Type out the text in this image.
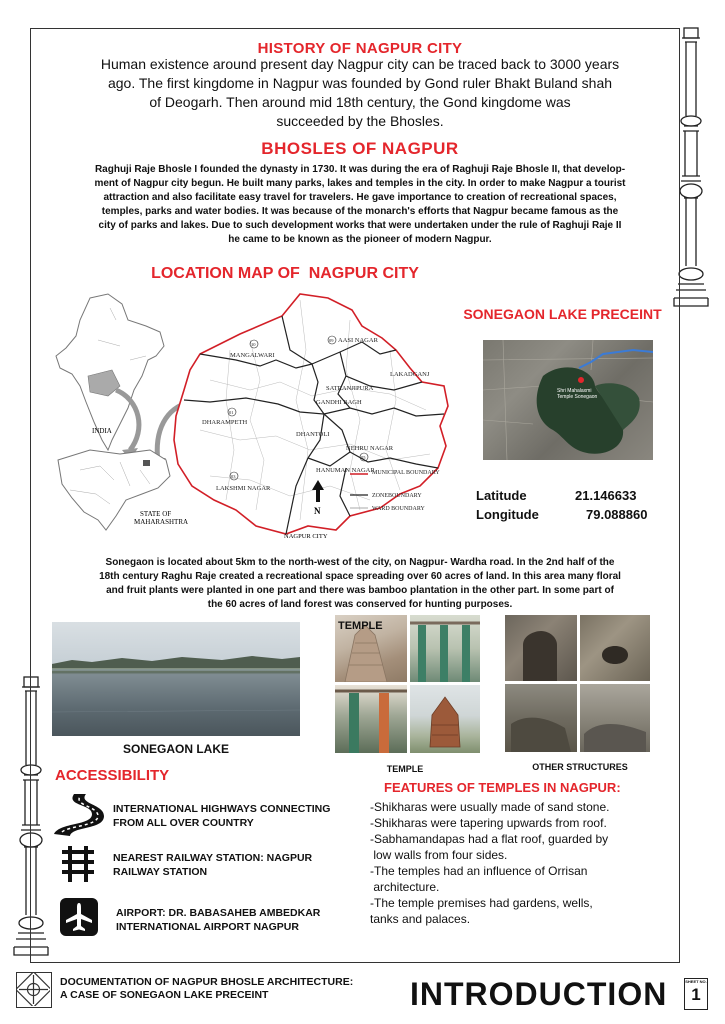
HISTORY OF NAGPUR CITY
Human existence around present day Nagpur city can be traced back to 3000 years
ago. The first kingdome in Nagpur was founded by Gond ruler Bhakt Buland shah
of Deogarh. Then around mid 18th century, the Gond kingdome was
succeeded by the Bhosles.
BHOSLES OF NAGPUR
Raghuji Raje Bhosle I founded the dynasty in 1730. It was during the era of Raghuji Raje Bhosle II, that develop-
ment of Nagpur city begun. He built many parks, lakes and temples in the city. In order to make Nagpur a tourist
attraction and also facilitate easy travel for travelers. He gave importance to creation of recreational spaces,
temples, parks and water bodies. It was because of the monarch's efforts that Nagpur became famous as the
city of parks and lakes. Due to such development works that were undertaken under the rule of Raghuji Raje II
he came to be known as the pioneer of modern Nagpur.
LOCATION MAP OF  NAGPUR CITY
INDIA
STATE OF
MAHARASHTRA
10
MANGALWARI
09 AASI NAGAR
LAKADGANJ
SATRANJIPURA
GANDHI BAGH
01
DHARAMPETH
DHANTOLI
NEHRU NAGAR
05
HANUMAN NAGAR
03
LAKSHMI NAGAR
N
NAGPUR CITY
MUNICIPAL BOUNDARY
ZONEBOUNDARY
WARD BOUNDARY
SONEGAON LAKE PRECEINT
Shri Mahalaxmi
Temple Sonegaon
Latitude	21.146633
Longitude	79.088860
Sonegaon is located about 5km to the north-west of the city, on Nagpur- Wardha road. In the 2nd half of the
18th century Raghu Raje created a recreational space spreading over 60 acres of land. In this area many floral
and fruit plants were planted in one part and there was bamboo plantation in the other part. In some part of
the 60 acres of land forest was conserved for hunting purposes.
SONEGAON LAKE
TEMPLE
TEMPLE	OTHER STRUCTURES
ACCESSIBILITY
INTERNATIONAL HIGHWAYS CONNECTING
FROM ALL OVER COUNTRY
NEAREST RAILWAY STATION: NAGPUR
RAILWAY STATION
AIRPORT: DR. BABASAHEB AMBEDKAR
INTERNATIONAL AIRPORT NAGPUR
FEATURES OF TEMPLES IN NAGPUR:
-Shikharas were usually made of sand stone.
-Shikharas were tapering upwards from roof.
-Sabhamandapas had a flat roof, guarded by
low walls from four sides.
-The temples had an influence of Orrisan
architecture.
-The temple premises had gardens, wells,
tanks and palaces.
DOCUMENTATION OF NAGPUR BHOSLE ARCHITECTURE:
A CASE OF SONEGAON LAKE PRECEINT	INTRODUCTION	SHEET NO.
1
